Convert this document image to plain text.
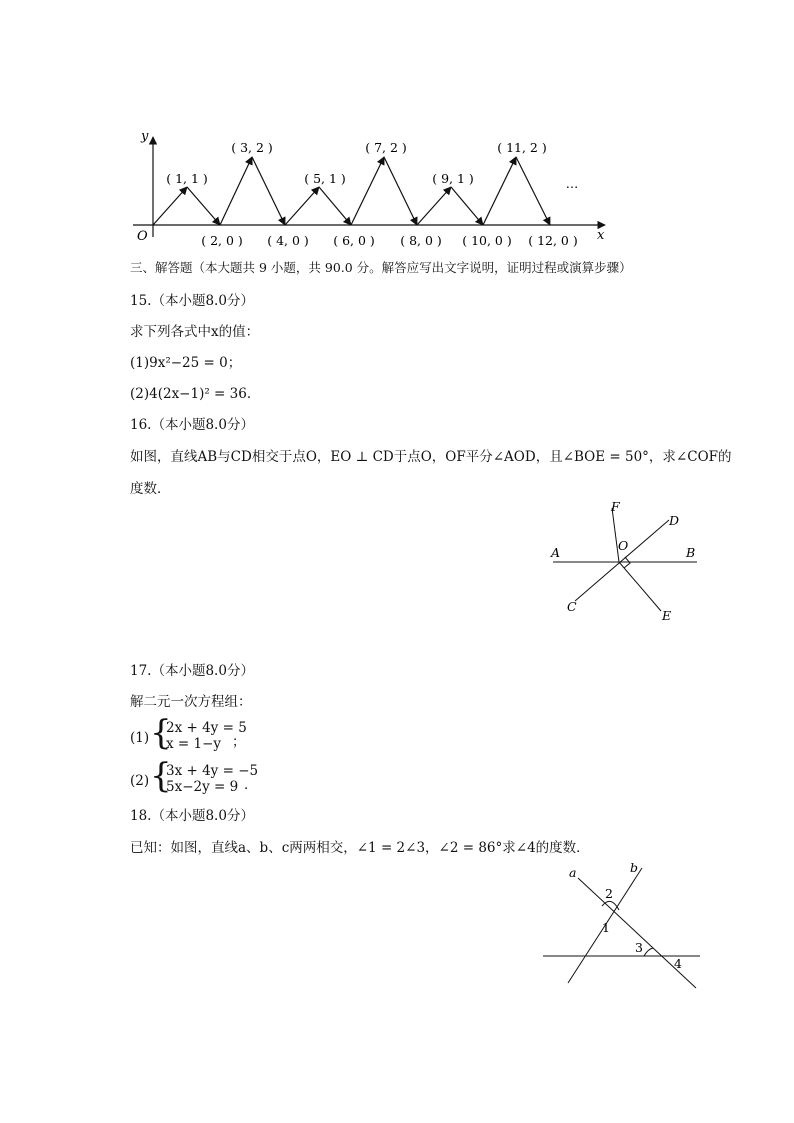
y
x
O
( 1, 1 )
( 3, 2 )
( 5, 1 )
( 7, 2 )
( 9, 1 )
( 11, 2 )
( 2, 0 ) ( 4, 0 ) ( 6, 0 ) ( 8, 0 ) ( 10, 0 ) ( 12, 0 )
…
三、解答题（本大题共 9 小题，共 90.0 分。解答应写出文字说明，证明过程或演算步骤）
15.（本小题8.0分）
求下列各式中x的值：
(1)9x²−25 = 0；
(2)4(2x−1)² = 36．
16.（本小题8.0分）
如图，直线AB与CD相交于点O，EO ⊥ CD于点O，OF平分∠AOD，且∠BOE = 50°，求∠COF的
度数．
F
D
O
A	B
C
E
17.（本小题8.0分）
解二元一次方程组：
(1) {
2x + 4y = 5
x = 1−y ；
(2) {
3x + 4y = −5
5x−2y = 9 ．
18.（本小题8.0分）
已知：如图，直线a、b、c两两相交，∠1 = 2∠3，∠2 = 86°求∠4的度数．
a	b
2
1
3
4
